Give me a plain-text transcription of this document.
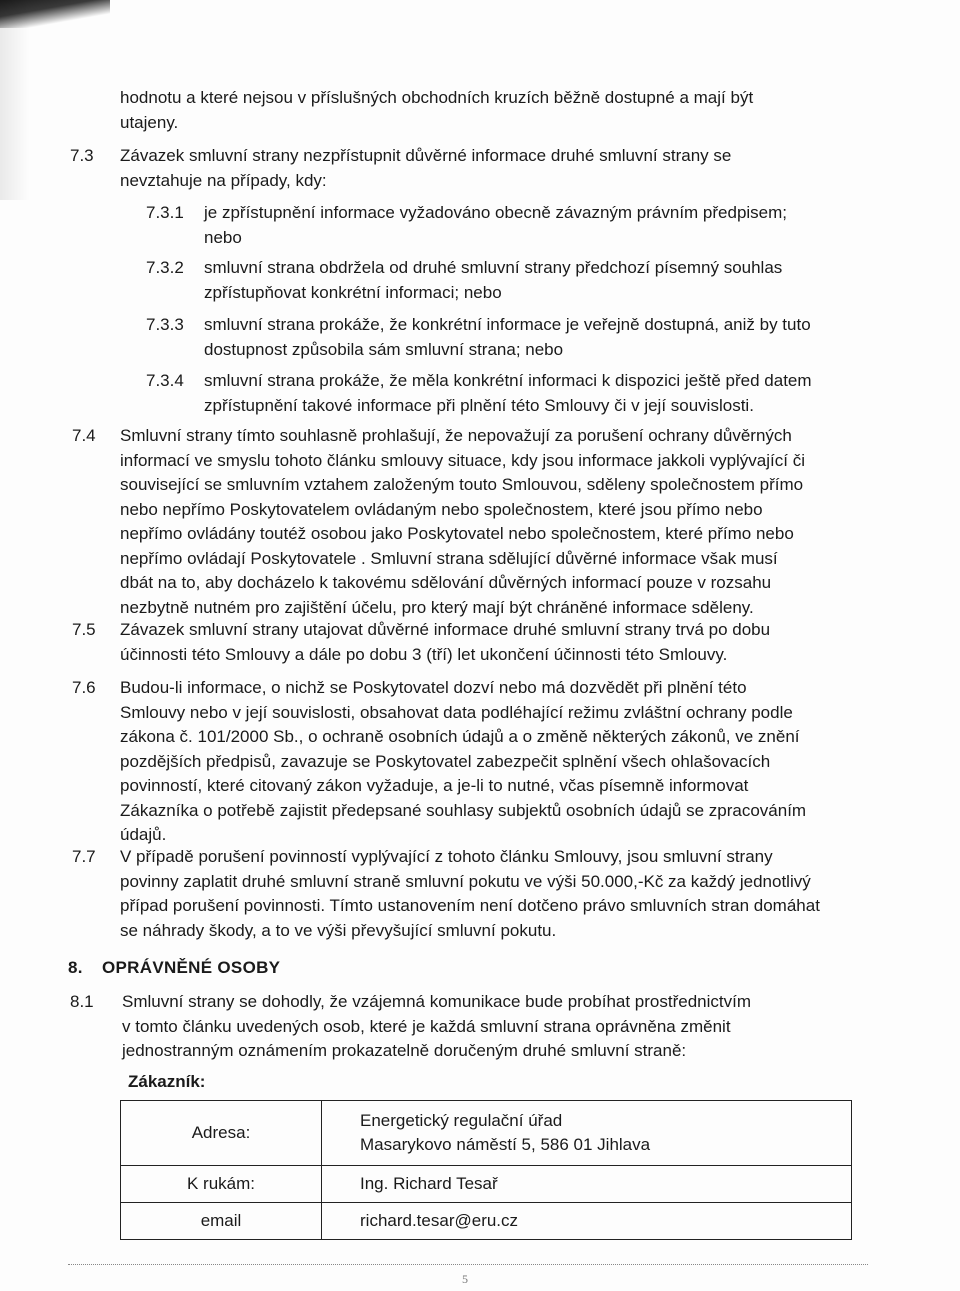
hodnotu a které nejsou v příslušných obchodních kruzích běžně dostupné a mají být
utajeny.
7.3 Závazek smluvní strany nezpřístupnit důvěrné informace druhé smluvní strany se
nevztahuje na případy, kdy:
7.3.1 je zpřístupnění informace vyžadováno obecně závazným právním předpisem;
nebo
7.3.2 smluvní strana obdržela od druhé smluvní strany předchozí písemný souhlas
zpřístupňovat konkrétní informaci; nebo
7.3.3 smluvní strana prokáže, že konkrétní informace je veřejně dostupná, aniž by tuto
dostupnost způsobila sám smluvní strana; nebo
7.3.4 smluvní strana prokáže, že měla konkrétní informaci k dispozici ještě před datem
zpřístupnění takové informace při plnění této Smlouvy či v její souvislosti.
7.4 Smluvní strany tímto souhlasně prohlašují, že nepovažují za porušení ochrany důvěrných
informací ve smyslu tohoto článku smlouvy situace, kdy jsou informace jakkoli vyplývající či
související se smluvním vztahem založeným touto Smlouvou, sděleny společnostem přímo
nebo nepřímo Poskytovatelem ovládaným nebo společnostem, které jsou přímo nebo
nepřímo ovládány toutéž osobou jako Poskytovatel nebo společnostem, které přímo nebo
nepřímo ovládají Poskytovatele . Smluvní strana sdělující důvěrné informace však musí
dbát na to, aby docházelo k takovému sdělování důvěrných informací pouze v rozsahu
nezbytně nutném pro zajištění účelu, pro který mají být chráněné informace sděleny.
7.5 Závazek smluvní strany utajovat důvěrné informace druhé smluvní strany trvá po dobu
účinnosti této Smlouvy a dále po dobu 3 (tří) let ukončení účinnosti této Smlouvy.
7.6 Budou-li informace, o nichž se Poskytovatel dozví nebo má dozvědět při plnění této
Smlouvy nebo v její souvislosti, obsahovat data podléhající režimu zvláštní ochrany podle
zákona č. 101/2000 Sb., o ochraně osobních údajů a o změně některých zákonů, ve znění
pozdějších předpisů, zavazuje se Poskytovatel zabezpečit splnění všech ohlašovacích
povinností, které citovaný zákon vyžaduje, a je-li to nutné, včas písemně informovat
Zákazníka o potřebě zajistit předepsané souhlasy subjektů osobních údajů se zpracováním
údajů.
7.7 V případě porušení povinností vyplývající z tohoto článku Smlouvy, jsou smluvní strany
povinny zaplatit druhé smluvní straně smluvní pokutu ve výši 50.000,-Kč za každý jednotlivý
případ porušení povinnosti. Tímto ustanovením není dotčeno právo smluvních stran domáhat
se náhrady škody, a to ve výši převyšující smluvní pokutu.
8. OPRÁVNĚNÉ OSOBY
8.1 Smluvní strany se dohodly, že vzájemná komunikace bude probíhat prostřednictvím
v tomto článku uvedených osob, které je každá smluvní strana oprávněna změnit
jednostranným oznámením prokazatelně doručeným druhé smluvní straně:
Zákazník:
Adresa:	Energetický regulační úřad
Masarykovo náměstí 5, 586 01 Jihlava

K rukám:	Ing. Richard Tesař
email	richard.tesar@eru.cz
5
